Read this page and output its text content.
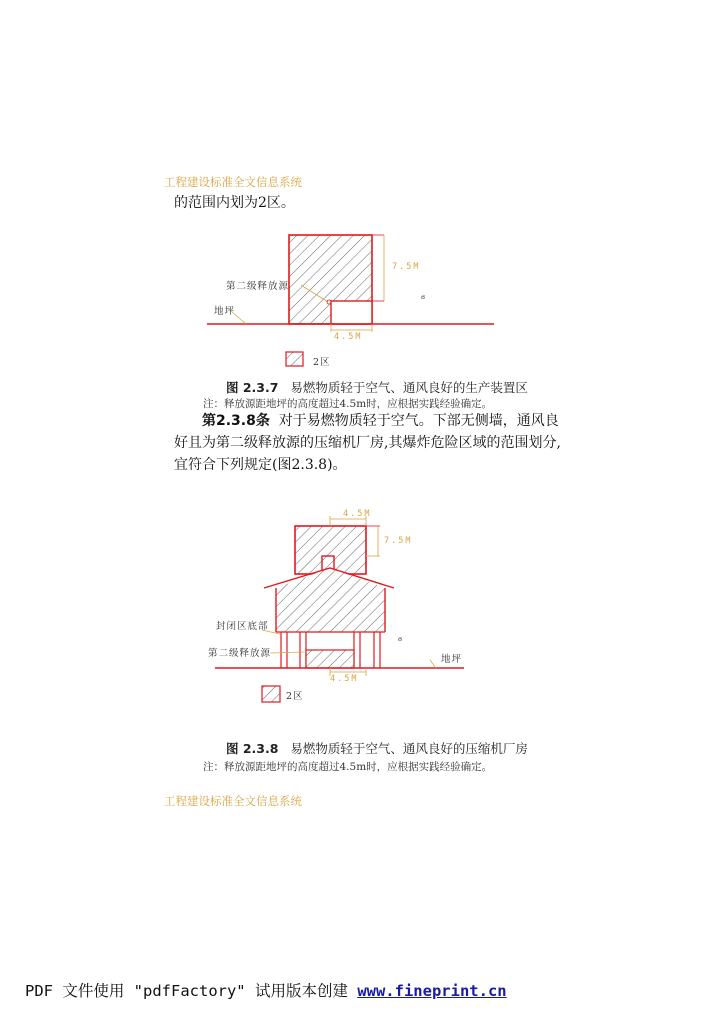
工程建设标准全文信息系统
的范围内划为2区。
ᴽ
第二级释放源
地坪
7.5M
4.5M
2区
图 2.3.7 易燃物质轻于空气、通风良好的生产装置区
注：释放源距地坪的高度超过4.5m时，应根据实践经验确定。
第2.3.8条 对于易燃物质轻于空气。下部无侧墙，通风良
好且为第二级释放源的压缩机厂房,其爆炸危险区域的范围划分,
宜符合下列规定(图2.3.8)。
ᴽ
4.5M
7.5M
4.5M
封闭区底部
第二级释放源
地坪
2区
图 2.3.8 易燃物质轻于空气、通风良好的压缩机厂房
注：释放源距地坪的高度超过4.5m时，应根据实践经验确定。
工程建设标准全文信息系统
PDF 文件使用 "pdfFactory" 试用版本创建 www.fineprint.cn
